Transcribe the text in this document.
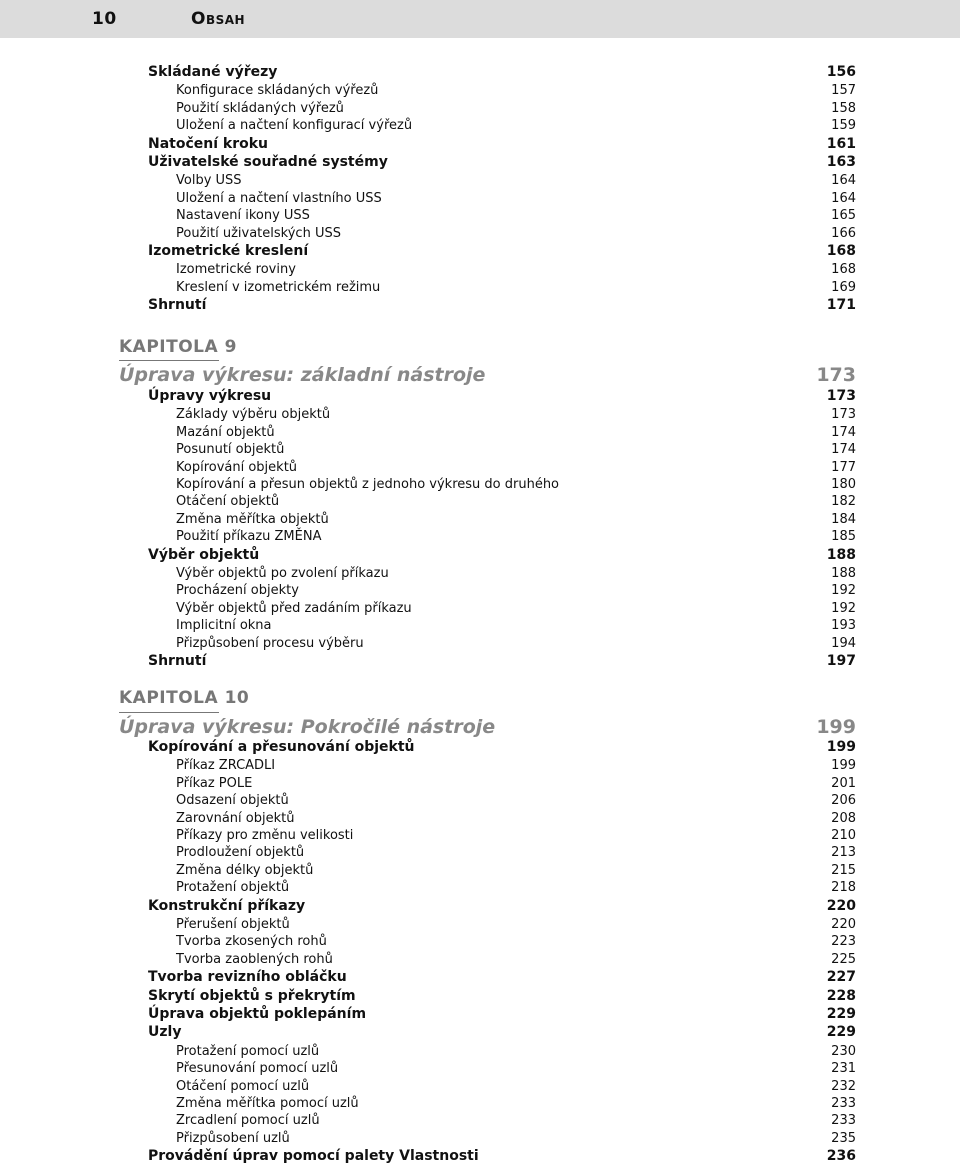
10	Obsah
Skládané výřezy	156
Konfigurace skládaných výřezů	157
Použití skládaných výřezů	158
Uložení a načtení konfigurací výřezů	159
Natočení kroku	161
Uživatelské souřadné systémy	163
Volby USS	164
Uložení a načtení vlastního USS	164
Nastavení ikony USS	165
Použití uživatelských USS	166
Izometrické kreslení	168
Izometrické roviny	168
Kreslení v izometrickém režimu	169
Shrnutí	171
KAPITOLA 9
Úprava výkresu: základní nástroje	173
Úpravy výkresu	173
Základy výběru objektů	173
Mazání objektů	174
Posunutí objektů	174
Kopírování objektů	177
Kopírování a přesun objektů z jednoho výkresu do druhého	180
Otáčení objektů	182
Změna měřítka objektů	184
Použití příkazu ZMĚNA	185
Výběr objektů	188
Výběr objektů po zvolení příkazu	188
Procházení objekty	192
Výběr objektů před zadáním příkazu	192
Implicitní okna	193
Přizpůsobení procesu výběru	194
Shrnutí	197
KAPITOLA 10
Úprava výkresu: Pokročilé nástroje	199
Kopírování a přesunování objektů	199
Příkaz ZRCADLI	199
Příkaz POLE	201
Odsazení objektů	206
Zarovnání objektů	208
Příkazy pro změnu velikosti	210
Prodloužení objektů	213
Změna délky objektů	215
Protažení objektů	218
Konstrukční příkazy	220
Přerušení objektů	220
Tvorba zkosených rohů	223
Tvorba zaoblených rohů	225
Tvorba revizního obláčku	227
Skrytí objektů s překrytím	228
Úprava objektů poklepáním	229
Uzly	229
Protažení pomocí uzlů	230
Přesunování pomocí uzlů	231
Otáčení pomocí uzlů	232
Změna měřítka pomocí uzlů	233
Zrcadlení pomocí uzlů	233
Přizpůsobení uzlů	235
Provádění úprav pomocí palety Vlastnosti	236
